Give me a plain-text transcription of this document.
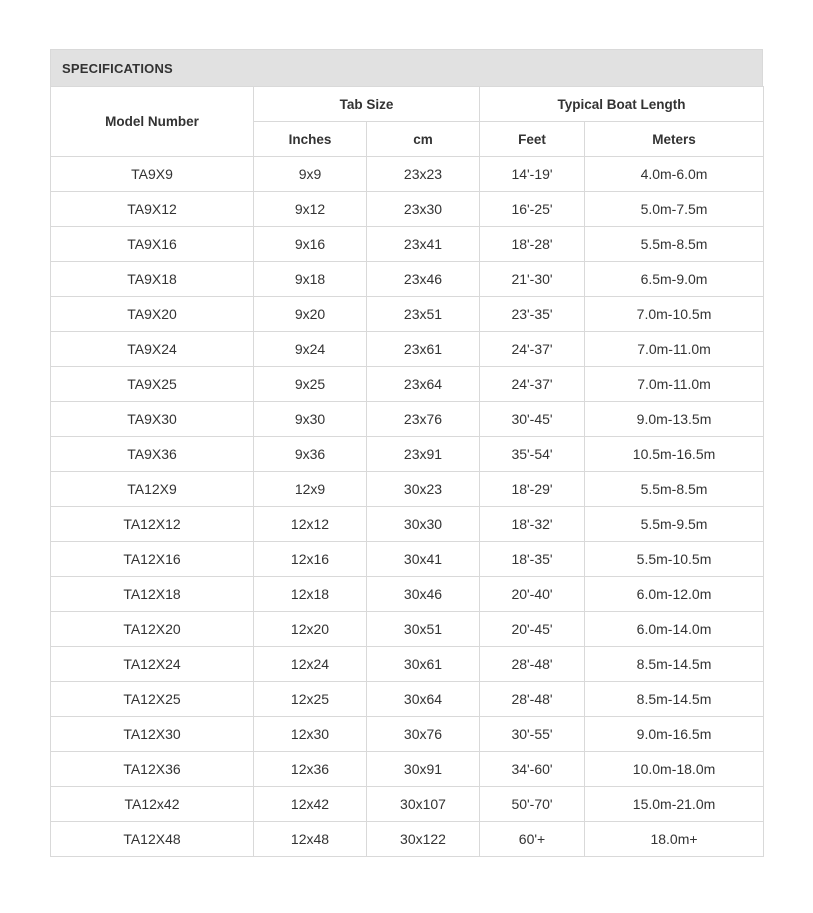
SPECIFICATIONS
Model Number	Tab Size		Typical Boat Length	
	Inches	cm	Feet	Meters
TA9X9	9x9	23x23	14'-19'	4.0m-6.0m
TA9X12	9x12	23x30	16'-25'	5.0m-7.5m
TA9X16	9x16	23x41	18'-28'	5.5m-8.5m
TA9X18	9x18	23x46	21'-30'	6.5m-9.0m
TA9X20	9x20	23x51	23'-35'	7.0m-10.5m
TA9X24	9x24	23x61	24'-37'	7.0m-11.0m
TA9X25	9x25	23x64	24'-37'	7.0m-11.0m
TA9X30	9x30	23x76	30'-45'	9.0m-13.5m
TA9X36	9x36	23x91	35'-54'	10.5m-16.5m
TA12X9	12x9	30x23	18'-29'	5.5m-8.5m
TA12X12	12x12	30x30	18'-32'	5.5m-9.5m
TA12X16	12x16	30x41	18'-35'	5.5m-10.5m
TA12X18	12x18	30x46	20'-40'	6.0m-12.0m
TA12X20	12x20	30x51	20'-45'	6.0m-14.0m
TA12X24	12x24	30x61	28'-48'	8.5m-14.5m
TA12X25	12x25	30x64	28'-48'	8.5m-14.5m
TA12X30	12x30	30x76	30'-55'	9.0m-16.5m
TA12X36	12x36	30x91	34'-60'	10.0m-18.0m
TA12x42	12x42	30x107	50'-70'	15.0m-21.0m
TA12X48	12x48	30x122	60'+	18.0m+
